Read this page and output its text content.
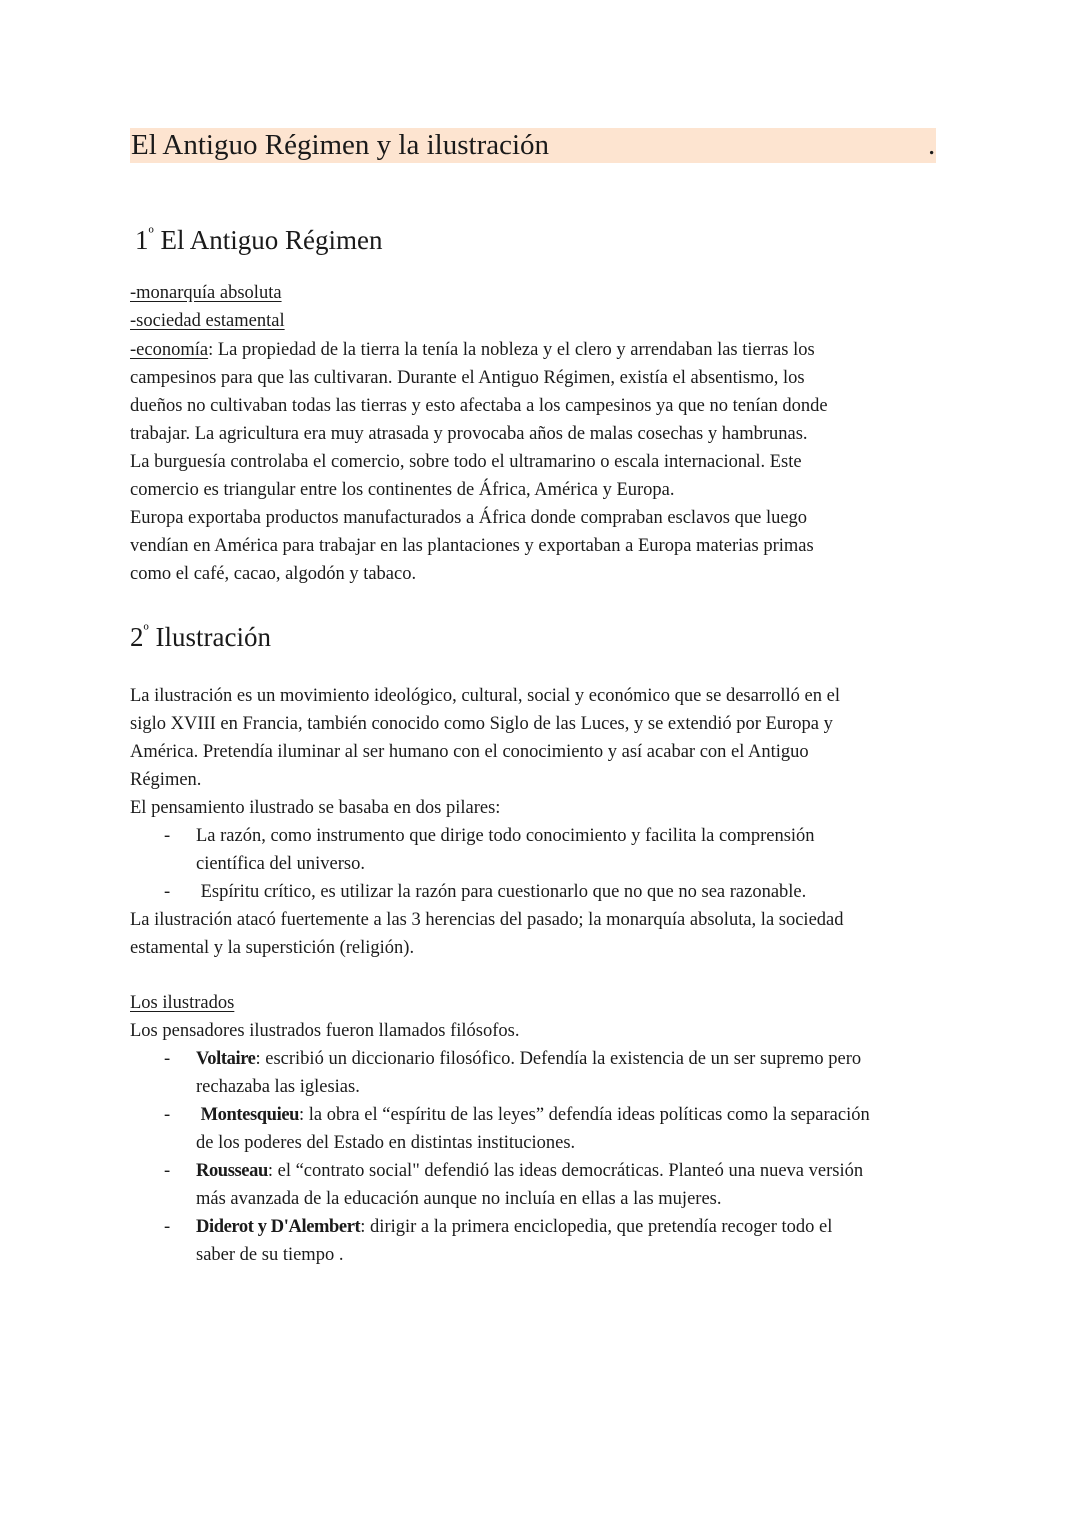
El Antiguo Régimen y la ilustración	.
$1^º$ El Antiguo Régimen
-monarquía absoluta
-sociedad estamental
-economía: La propiedad de la tierra la tenía la nobleza y el clero y arrendaban las tierras los
campesinos para que las cultivaran. Durante el Antiguo Régimen, existía el absentismo, los
dueños no cultivaban todas las tierras y esto afectaba a los campesinos ya que no tenían donde
trabajar. La agricultura era muy atrasada y provocaba años de malas cosechas y hambrunas.
La burguesía controlaba el comercio, sobre todo el ultramarino o escala internacional. Este
comercio es triangular entre los continentes de África, América y Europa.
Europa exportaba productos manufacturados a África donde compraban esclavos que luego
vendían en América para trabajar en las plantaciones y exportaban a Europa materias primas
como el café, cacao, algodón y tabaco.
$2^º$ Ilustración
La ilustración es un movimiento ideológico, cultural, social y económico que se desarrolló en el
siglo XVIII en Francia, también conocido como Siglo de las Luces, y se extendió por Europa y
América. Pretendía iluminar al ser humano con el conocimiento y así acabar con el Antiguo
Régimen.
El pensamiento ilustrado se basaba en dos pilares:
- La razón, como instrumento que dirige todo conocimiento y facilita la comprensión
científica del universo.
- Espíritu crítico, es utilizar la razón para cuestionarlo que no que no sea razonable.
La ilustración atacó fuertemente a las 3 herencias del pasado; la monarquía absoluta, la sociedad
estamental y la superstición (religión).
Los ilustrados
Los pensadores ilustrados fueron llamados filósofos.
- Voltaire: escribió un diccionario filosófico. Defendía la existencia de un ser supremo pero
rechazaba las iglesias.
- Montesquieu: la obra el “espíritu de las leyes” defendía ideas políticas como la separación
de los poderes del Estado en distintas instituciones.
- Rousseau: el “contrato social" defendió las ideas democráticas. Planteó una nueva versión
más avanzada de la educación aunque no incluía en ellas a las mujeres.
- Diderot y D'Alembert: dirigir a la primera enciclopedia, que pretendía recoger todo el
saber de su tiempo .
